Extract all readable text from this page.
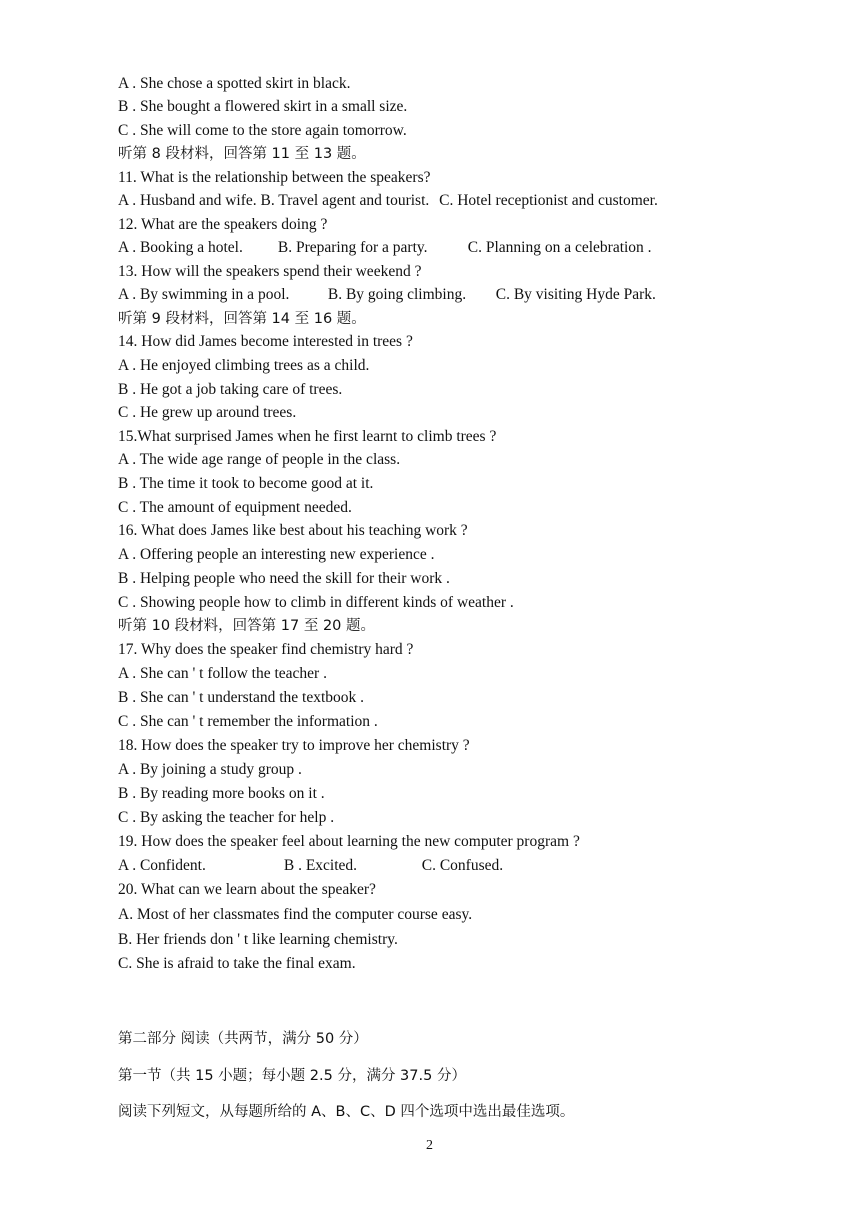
A . She chose a spotted skirt in black.
B . She bought a flowered skirt in a small size.
C . She will come to the store again tomorrow.
听第 8 段材料，回答第 11 至 13 题。
11. What is the relationship between the speakers?
A . Husband and wife. B. Travel agent and tourist. C. Hotel receptionist and customer.
12. What are the speakers doing ?
A . Booking a hotel. B. Preparing for a party.	C. Planning on a celebration .
13. How will the speakers spend their weekend ?
A . By swimming in a pool. B. By going climbing. C. By visiting Hyde Park.
听第 9 段材料，回答第 14 至 16 题。
14. How did James become interested in trees ?
A . He enjoyed climbing trees as a child.
B . He got a job taking care of trees.
C . He grew up around trees.
15.What surprised James when he first learnt to climb trees ?
A . The wide age range of people in the class.
B . The time it took to become good at it.
C . The amount of equipment needed.
16. What does James like best about his teaching work ?
A . Offering people an interesting new experience .
B . Helping people who need the skill for their work .
C . Showing people how to climb in different kinds of weather .
听第 10 段材料，回答第 17 至 20 题。
17. Why does the speaker find chemistry hard ?
A . She can ' t follow the teacher .
B . She can ' t understand the textbook .
C . She can ' t remember the information .
18. How does the speaker try to improve her chemistry ?
A . By joining a study group .
B . By reading more books on it .
C . By asking the teacher for help .
19. How does the speaker feel about learning the new computer program ?
A . Confident.	B . Excited.	C. Confused.
20. What can we learn about the speaker?
A. Most of her classmates find the computer course easy.
B. Her friends don ' t like learning chemistry.
C. She is afraid to take the final exam.
第二部分 阅读（共两节，满分 50 分）
第一节（共 15 小题；每小题 2.5 分，满分 37.5 分）
阅读下列短文，从每题所给的 A、B、C、D 四个选项中选出最佳选项。
2
